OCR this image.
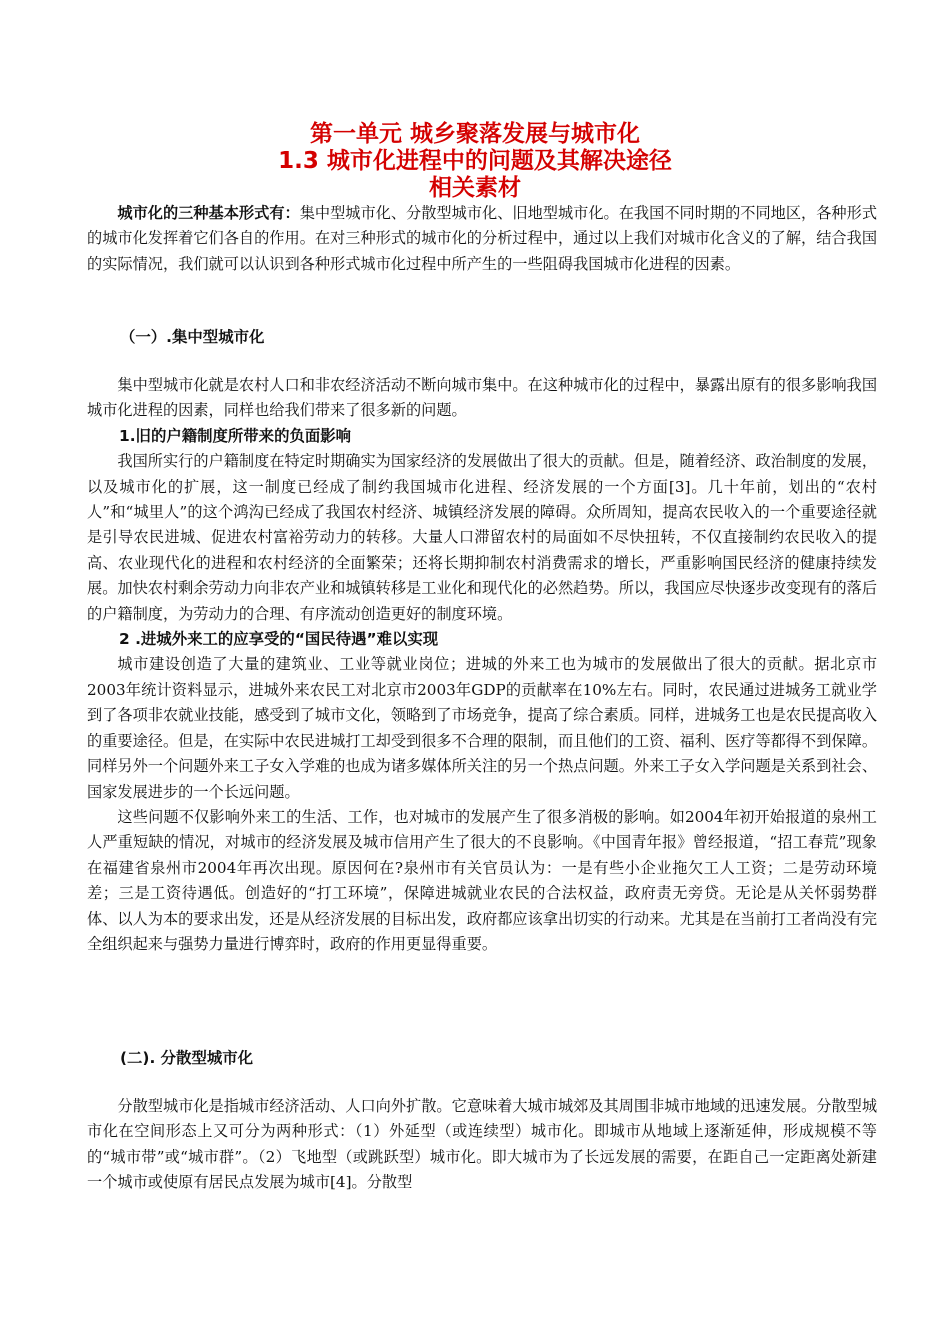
第一单元 城乡聚落发展与城市化
1.3 城市化进程中的问题及其解决途径
相关素材

城市化的三种基本形式有：集中型城市化、分散型城市化、旧地型城市化。在我国不同时期的不同地区，各种形式的城市化发挥着它们各自的作用。在对三种形式的城市化的分析过程中，通过以上我们对城市化含义的了解，结合我国的实际情况，我们就可以认识到各种形式城市化过程中所产生的一些阻碍我国城市化进程的因素。

（一）.集中型城市化

集中型城市化就是农村人口和非农经济活动不断向城市集中。在这种城市化的过程中，暴露出原有的很多影响我国城市化进程的因素，同样也给我们带来了很多新的问题。

1.旧的户籍制度所带来的负面影响

我国所实行的户籍制度在特定时期确实为国家经济的发展做出了很大的贡献。但是，随着经济、政治制度的发展，以及城市化的扩展，这一制度已经成了制约我国城市化进程、经济发展的一个方面[3]。几十年前，划出的“农村人”和“城里人”的这个鸿沟已经成了我国农村经济、城镇经济发展的障碍。众所周知，提高农民收入的一个重要途径就是引导农民进城、促进农村富裕劳动力的转移。大量人口滞留农村的局面如不尽快扭转，不仅直接制约农民收入的提高、农业现代化的进程和农村经济的全面繁荣；还将长期抑制农村消费需求的增长，严重影响国民经济的健康持续发展。加快农村剩余劳动力向非农产业和城镇转移是工业化和现代化的必然趋势。所以，我国应尽快逐步改变现有的落后的户籍制度，为劳动力的合理、有序流动创造更好的制度环境。

2 .进城外来工的应享受的“国民待遇”难以实现

城市建设创造了大量的建筑业、工业等就业岗位；进城的外来工也为城市的发展做出了很大的贡献。据北京市2003年统计资料显示，进城外来农民工对北京市2003年GDP的贡献率在10%左右。同时，农民通过进城务工就业学到了各项非农就业技能，感受到了城市文化，领略到了市场竞争，提高了综合素质。同样，进城务工也是农民提高收入的重要途径。但是，在实际中农民进城打工却受到很多不合理的限制，而且他们的工资、福利、医疗等都得不到保障。同样另外一个问题外来工子女入学难的也成为诸多媒体所关注的另一个热点问题。外来工子女入学问题是关系到社会、国家发展进步的一个长远问题。

这些问题不仅影响外来工的生活、工作，也对城市的发展产生了很多消极的影响。如2004年初开始报道的泉州工人严重短缺的情况，对城市的经济发展及城市信用产生了很大的不良影响。《中国青年报》曾经报道，“招工春荒”现象在福建省泉州市2004年再次出现。原因何在?泉州市有关官员认为：一是有些小企业拖欠工人工资；二是劳动环境差；三是工资待遇低。创造好的“打工环境”，保障进城就业农民的合法权益，政府责无旁贷。无论是从关怀弱势群体、以人为本的要求出发，还是从经济发展的目标出发，政府都应该拿出切实的行动来。尤其是在当前打工者尚没有完全组织起来与强势力量进行博弈时，政府的作用更显得重要。

(二). 分散型城市化

分散型城市化是指城市经济活动、人口向外扩散。它意味着大城市城郊及其周围非城市地域的迅速发展。分散型城市化在空间形态上又可分为两种形式：（1）外延型（或连续型）城市化。即城市从地域上逐渐延伸，形成规模不等的“城市带”或“城市群”。（2）飞地型（或跳跃型）城市化。即大城市为了长远发展的需要，在距自己一定距离处新建一个城市或使原有居民点发展为城市[4]。分散型
